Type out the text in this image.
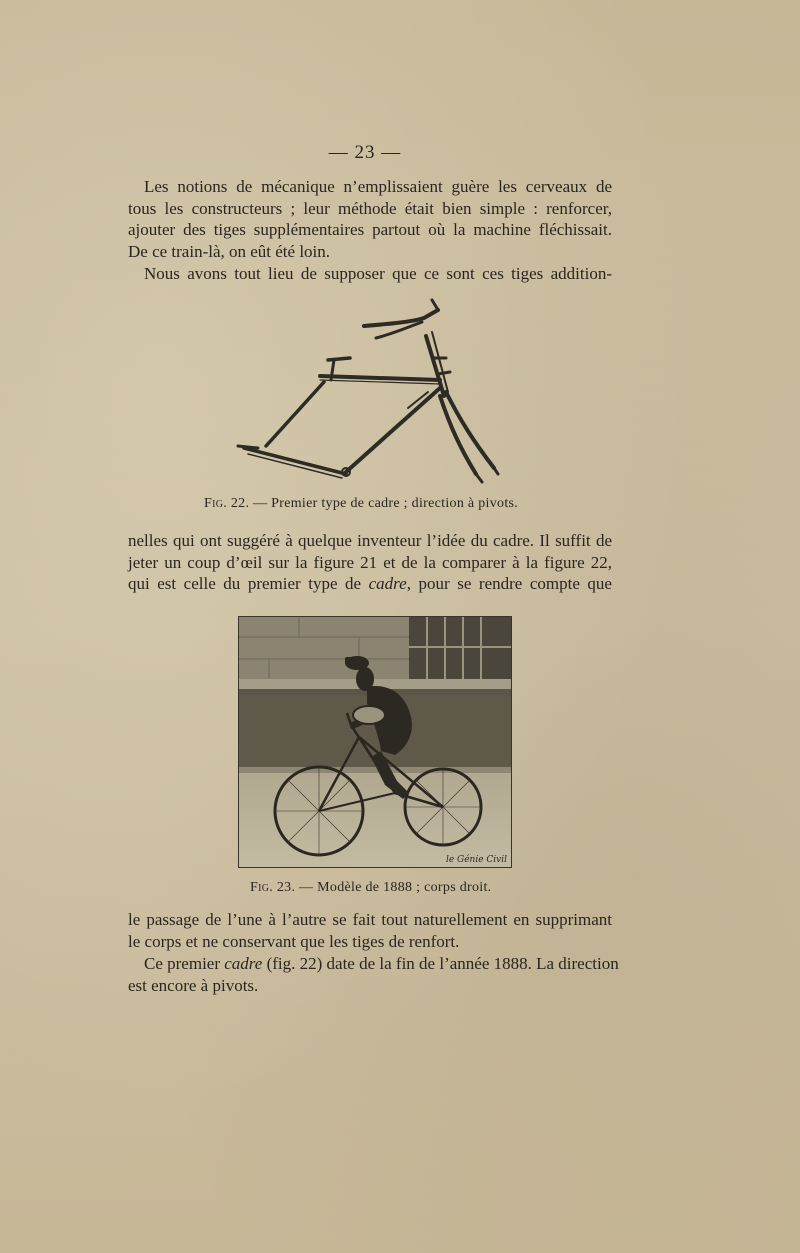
— 23 —
Les notions de mécanique n’emplissaient guère les cerveaux de
tous les constructeurs ; leur méthode était bien simple : renforcer,
ajouter des tiges supplémentaires partout où la machine fléchissait.
De ce train-là, on eût été loin.
Nous avons tout lieu de supposer que ce sont ces tiges addition-
Fig. 22. — Premier type de cadre ; direction à pivots.
nelles qui ont suggéré à quelque inventeur l’idée du cadre. Il suffit de
jeter un coup d’œil sur la figure 21 et de la comparer à la figure 22,
qui est celle du premier type de cadre, pour se rendre compte que
le Génie Civil
Fig. 23. — Modèle de 1888 ; corps droit.
le passage de l’une à l’autre se fait tout naturellement en supprimant
le corps et ne conservant que les tiges de renfort.
Ce premier cadre (fig. 22) date de la fin de l’année 1888. La direction
est encore à pivots.
